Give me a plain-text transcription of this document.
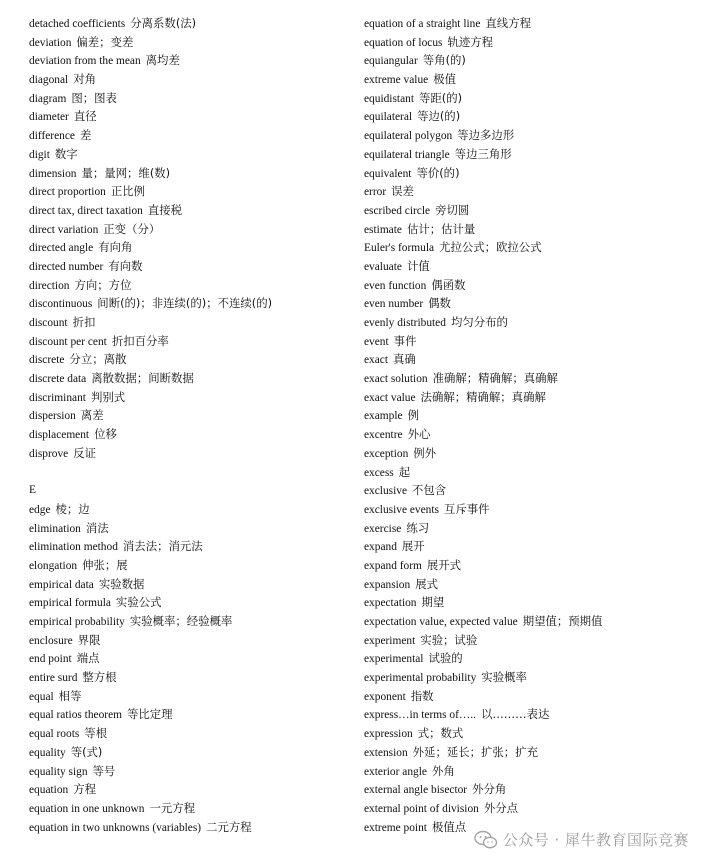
detached coefficients 分离系数(法)
deviation 偏差；变差
deviation from the mean 离均差
diagonal 对角
diagram 图；图表
diameter 直径
difference 差
digit 数字
dimension 量；量网；维(数)
direct proportion 正比例
direct tax, direct taxation 直接税
direct variation 正变（分）
directed angle 有向角
directed number 有向数
direction 方向；方位
discontinuous 间断(的)；非连续(的)；不连续(的)
discount 折扣
discount per cent 折扣百分率
discrete 分立；离散
discrete data 离散数据；间断数据
discriminant 判别式
dispersion 离差
displacement 位移
disprove 反证
E
edge 棱；边
elimination 消法
elimination method 消去法；消元法
elongation 伸张；展
empirical data 实验数据
empirical formula 实验公式
empirical probability 实验概率；经验概率
enclosure 界限
end point 端点
entire surd 整方根
equal 相等
equal ratios theorem 等比定理
equal roots 等根
equality 等(式)
equality sign 等号
equation 方程
equation in one unknown 一元方程
equation in two unknowns (variables) 二元方程
equation of a straight line 直线方程
equation of locus 轨迹方程
equiangular 等角(的)
extreme value 极值
equidistant 等距(的)
equilateral 等边(的)
equilateral polygon 等边多边形
equilateral triangle 等边三角形
equivalent 等价(的)
error 误差
escribed circle 旁切圆
estimate 估计；估计量
Euler's formula 尤拉公式；欧拉公式
evaluate 计值
even function 偶函数
even number 偶数
evenly distributed 均匀分布的
event 事件
exact 真确
exact solution 准确解；精确解；真确解
exact value 法确解；精确解；真确解
example 例
excentre 外心
exception 例外
excess 起
exclusive 不包含
exclusive events 互斥事件
exercise 练习
expand 展开
expand form 展开式
expansion 展式
expectation 期望
expectation value, expected value 期望值；预期值
experiment 实验；试验
experimental 试验的
experimental probability 实验概率
exponent 指数
express…in terms of….. 以………表达
expression 式；数式
extension 外延；延长；扩张；扩充
exterior angle 外角
external angle bisector 外分角
external point of division 外分点
extreme point 极值点
公众号 · 犀牛教育国际竞赛
